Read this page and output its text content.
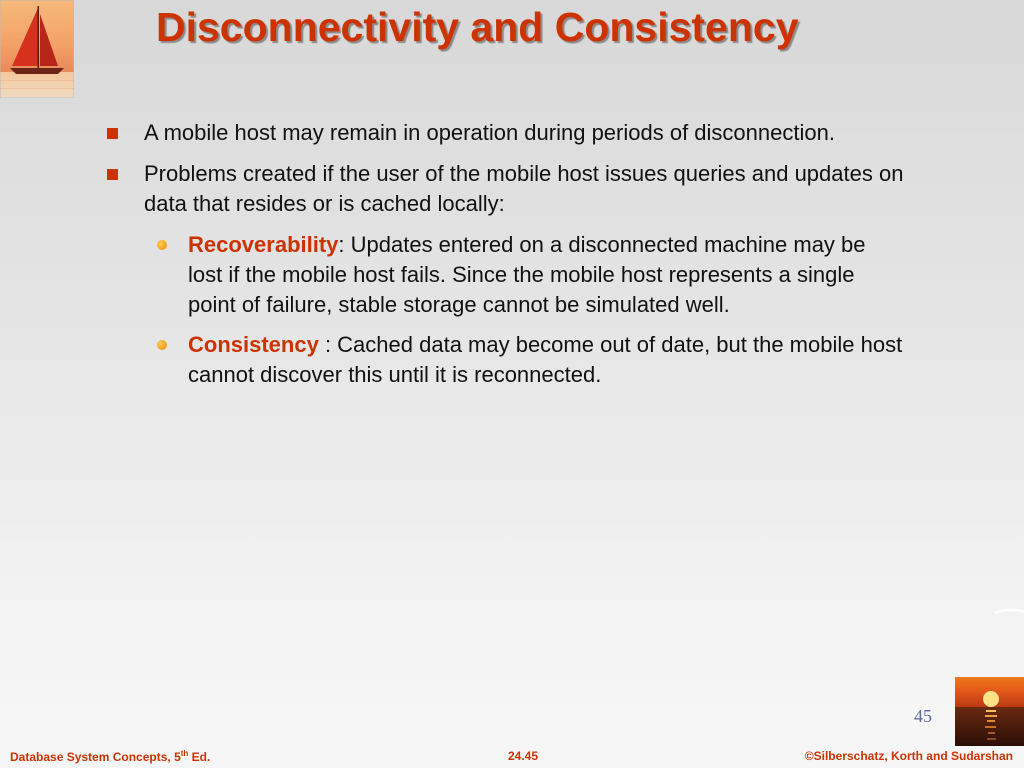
Disconnectivity and Consistency
A mobile host may remain in operation during periods of disconnection.
Problems created if the user of the mobile host issues queries and updates on data that resides or is cached locally:
Recoverability: Updates entered on a disconnected machine may be lost if the mobile host fails. Since the mobile host represents a single point of failure, stable storage cannot be simulated well.
Consistency : Cached data may become out of date, but the mobile host cannot discover this until it is reconnected.
45
Database System Concepts, 5th Ed.	24.45	©Silberschatz, Korth and Sudarshan
